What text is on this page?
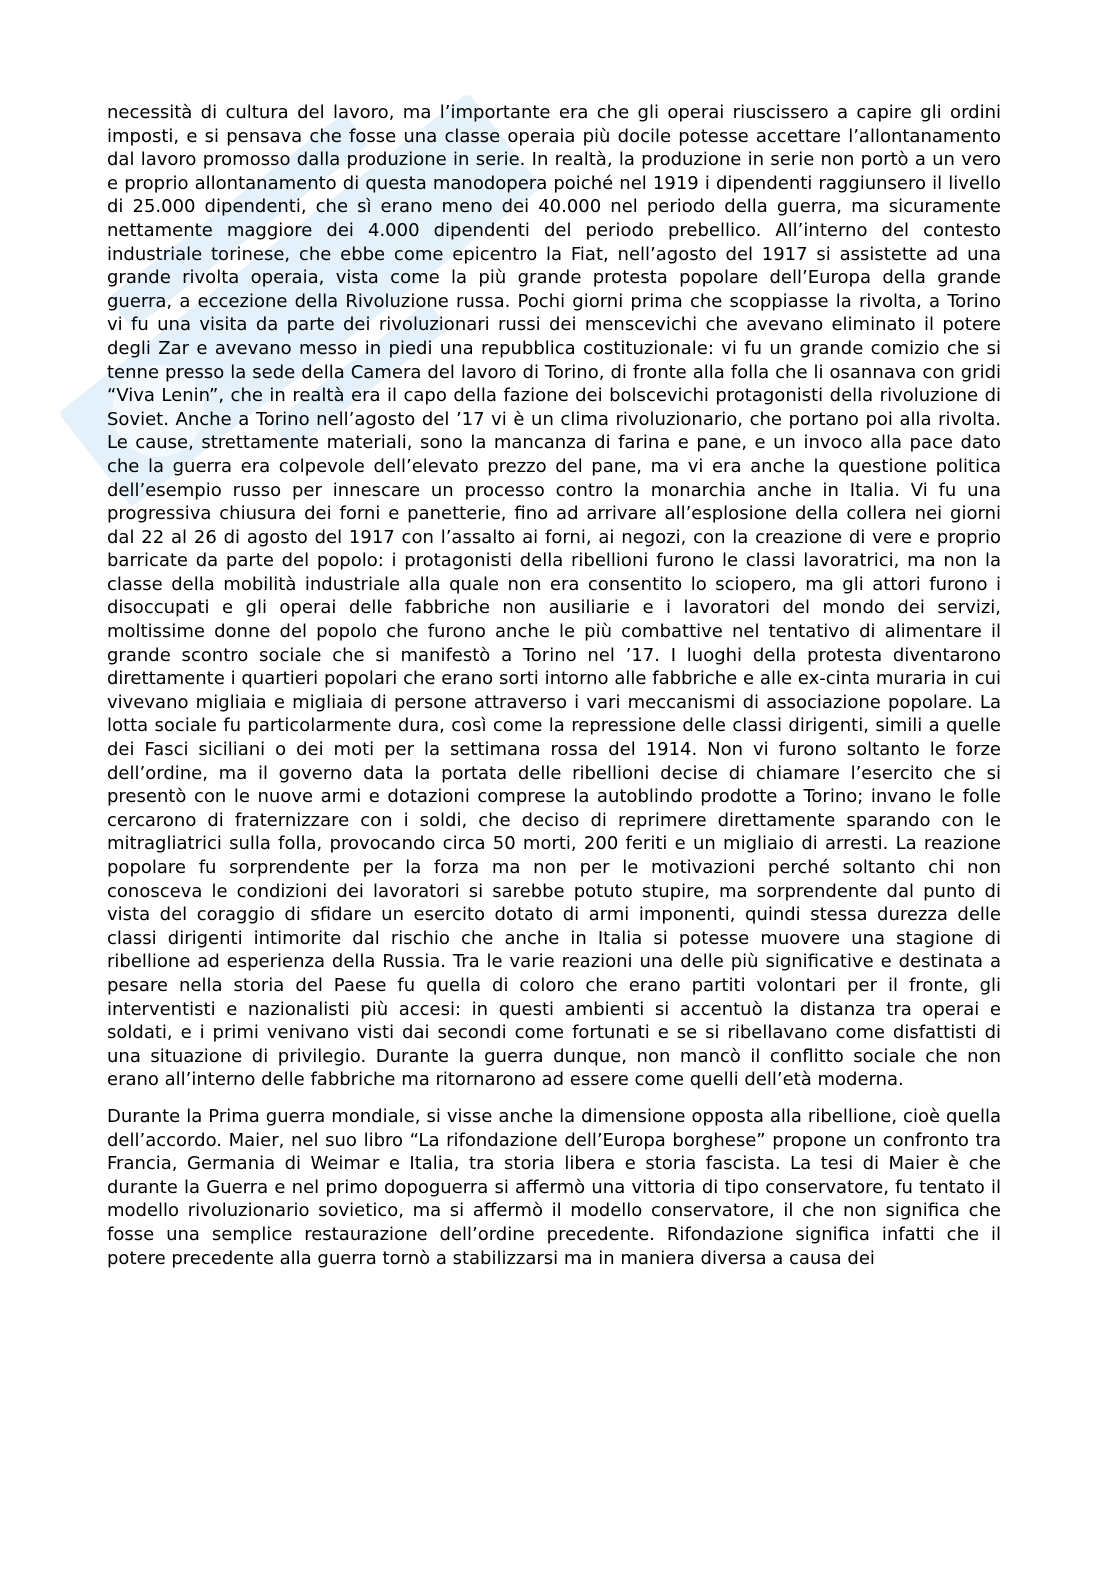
necessità di cultura del lavoro, ma l’importante era che gli operai riuscissero a capire gli ordini imposti, e si pensava che fosse una classe operaia più docile potesse accettare l’allontanamento dal lavoro promosso dalla produzione in serie. In realtà, la produzione in serie non portò a un vero e proprio allontanamento di questa manodopera poiché nel 1919 i dipendenti raggiunsero il livello di 25.000 dipendenti, che sì erano meno dei 40.000 nel periodo della guerra, ma sicuramente nettamente maggiore dei 4.000 dipendenti del periodo prebellico. All’interno del contesto industriale torinese, che ebbe come epicentro la Fiat, nell’agosto del 1917 si assistette ad una grande rivolta operaia, vista come la più grande protesta popolare dell’Europa della grande guerra, a eccezione della Rivoluzione russa. Pochi giorni prima che scoppiasse la rivolta, a Torino vi fu una visita da parte dei rivoluzionari russi dei menscevichi che avevano eliminato il potere degli Zar e avevano messo in piedi una repubblica costituzionale: vi fu un grande comizio che si tenne presso la sede della Camera del lavoro di Torino, di fronte alla folla che li osannava con gridi “Viva Lenin”, che in realtà era il capo della fazione dei bolscevichi protagonisti della rivoluzione di Soviet. Anche a Torino nell’agosto del ’17 vi è un clima rivoluzionario, che portano poi alla rivolta. Le cause, strettamente materiali, sono la mancanza di farina e pane, e un invoco alla pace dato che la guerra era colpevole dell’elevato prezzo del pane, ma vi era anche la questione politica dell’esempio russo per innescare un processo contro la monarchia anche in Italia. Vi fu una progressiva chiusura dei forni e panetterie, fino ad arrivare all’esplosione della collera nei giorni dal 22 al 26 di agosto del 1917 con l’assalto ai forni, ai negozi, con la creazione di vere e proprio barricate da parte del popolo: i protagonisti della ribellioni furono le classi lavoratrici, ma non la classe della mobilità industriale alla quale non era consentito lo sciopero, ma gli attori furono i disoccupati e gli operai delle fabbriche non ausiliarie e i lavoratori del mondo dei servizi, moltissime donne del popolo che furono anche le più combattive nel tentativo di alimentare il grande scontro sociale che si manifestò a Torino nel ’17. I luoghi della protesta diventarono direttamente i quartieri popolari che erano sorti intorno alle fabbriche e alle ex-cinta muraria in cui vivevano migliaia e migliaia di persone attraverso i vari meccanismi di associazione popolare. La lotta sociale fu particolarmente dura, così come la repressione delle classi dirigenti, simili a quelle dei Fasci siciliani o dei moti per la settimana rossa del 1914. Non vi furono soltanto le forze dell’ordine, ma il governo data la portata delle ribellioni decise di chiamare l’esercito che si presentò con le nuove armi e dotazioni comprese la autoblindo prodotte a Torino; invano le folle cercarono di fraternizzare con i soldi, che deciso di reprimere direttamente sparando con le mitragliatrici sulla folla, provocando circa 50 morti, 200 feriti e un migliaio di arresti. La reazione popolare fu sorprendente per la forza ma non per le motivazioni perché soltanto chi non conosceva le condizioni dei lavoratori si sarebbe potuto stupire, ma sorprendente dal punto di vista del coraggio di sfidare un esercito dotato di armi imponenti, quindi stessa durezza delle classi dirigenti intimorite dal rischio che anche in Italia si potesse muovere una stagione di ribellione ad esperienza della Russia. Tra le varie reazioni una delle più significative e destinata a pesare nella storia del Paese fu quella di coloro che erano partiti volontari per il fronte, gli interventisti e nazionalisti più accesi: in questi ambienti si accentuò la distanza tra operai e soldati, e i primi venivano visti dai secondi come fortunati e se si ribellavano come disfattisti di una situazione di privilegio. Durante la guerra dunque, non mancò il conflitto sociale che non erano all’interno delle fabbriche ma ritornarono ad essere come quelli dell’età moderna.

Durante la Prima guerra mondiale, si visse anche la dimensione opposta alla ribellione, cioè quella dell’accordo. Maier, nel suo libro “La rifondazione dell’Europa borghese” propone un confronto tra Francia, Germania di Weimar e Italia, tra storia libera e storia fascista. La tesi di Maier è che durante la Guerra e nel primo dopoguerra si affermò una vittoria di tipo conservatore, fu tentato il modello rivoluzionario sovietico, ma si affermò il modello conservatore, il che non significa che fosse una semplice restaurazione dell’ordine precedente. Rifondazione significa infatti che il potere precedente alla guerra tornò a stabilizzarsi ma in maniera diversa a causa dei
